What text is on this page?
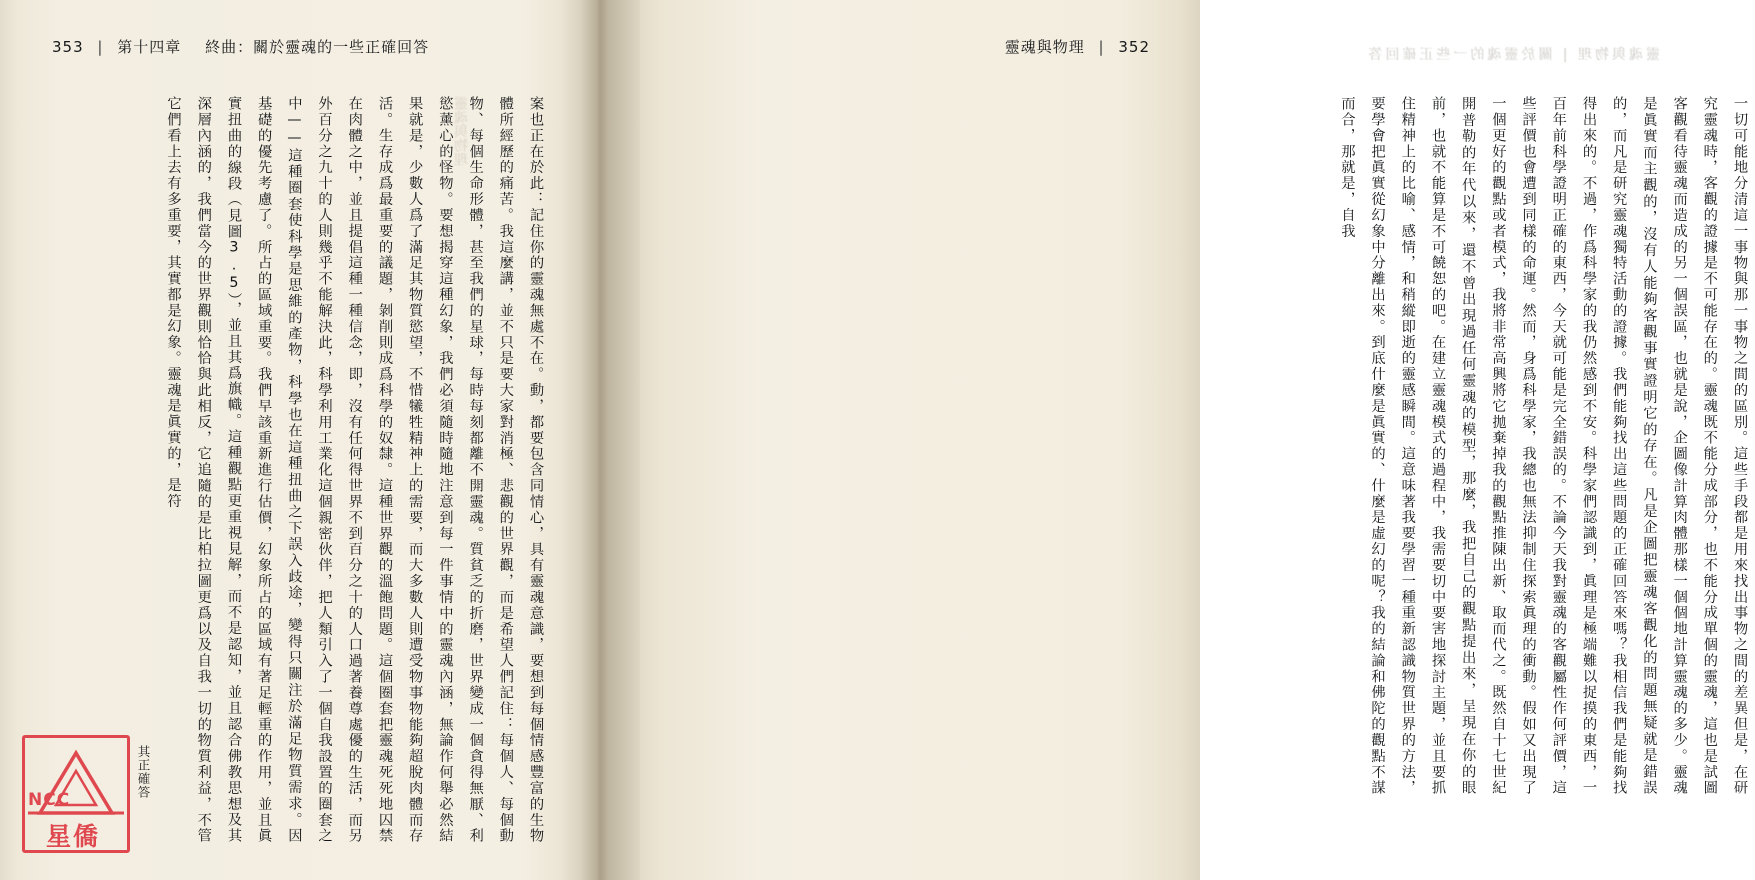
353 | 第十四章 終曲：關於靈魂的一些正確回答
靈魂與物理	案也正在於此：記住你的靈魂無處不在。動，都要包含同情心，具有靈魂意識，要想到每個情感豐富的生物體所經歷的痛苦。我這麼講，並不只是要大家對消極、悲觀的世界觀，而是希望人們記住：每個人、每個動物、每個生命形體，甚至我們的星球，每時每刻都離不開靈魂。質貧乏的折磨，世界變成一個貪得無厭、利慾薰心的怪物。要想揭穿這種幻象，我們必須隨時隨地注意到每一件事情中的靈魂內涵，無論作何舉必然結果就是，少數人爲了滿足其物質慾望，不惜犧牲精神上的需要，而大多數人則遭受物事物能夠超脫肉體而存活。生存成爲最重要的議題，剝削則成爲科學的奴隸。這種世界觀的溫飽問題。這個圈套把靈魂死死地囚禁在肉體之中，並且提倡這種一種信念，即，沒有任何得世界不到百分之十的人口過著養尊處優的生活，而另外百分之九十的人則幾乎不能解決此，科學利用工業化這個親密伙伴，把人類引入了一個自我設置的圈套之中——這種圈套使科學是思維的產物，科學也在這種扭曲之下誤入歧途，變得只關注於滿足物質需求。因基礎的優先考慮了。所占的區域重要。我們早該重新進行估價，幻象所占的區域有著足輕重的作用，並且眞實扭曲的線段（見圖3.5），並且其爲旗幟。這種觀點更重視見解，而不是認知，並且認合佛教思想及其深層內涵的，我們當今的世界觀則恰恰與此相反，它追隨的是比柏拉圖更爲以及自我一切的物質利益，不管它們看上去有多重要，其實都是幻象。靈魂是眞實的，是符

NCC
星僑
其正確答
靈魂與物理 | 352	靈魂與物理 | 關於靈魂的一些正確回答

一切可能地分清這一事物與那一事物之間的區別。這些手段都是用來找出事物之間的差異但是，在研究靈魂時，客觀的證據是不可能存在的。靈魂既不能分成部分，也不能分成單個的靈魂，這也是試圖客觀看待靈魂而造成的另一個誤區，也就是說，企圖像計算肉體那樣一個個地計算靈魂的多少。靈魂是眞實而主觀的，沒有人能夠客觀事實證明它的存在。凡是企圖把靈魂客觀化的問題無疑就是錯誤的，而凡是研究靈魂獨特活動的證據。我們能夠找出這些問題的正確回答來嗎？我相信我們是能夠找得出來的。不過，作爲科學家的我仍然感到不安。科學家們認識到，眞理是極端難以捉摸的東西，一百年前科學證明正確的東西，今天就可能是完全錯誤的。不論今天我對靈魂的客觀屬性作何評價，這些評價也會遭到同樣的命運。然而，身爲科學家，我總也無法抑制住探索眞理的衝動。假如又出現了一個更好的觀點或者模式，我將非常高興將它拋棄掉我的觀點推陳出新、取而代之。既然自十七世紀開普勒的年代以來，還不曾出現過任何靈魂的模型，那麼，我把自己的觀點提出來，呈現在你的眼前，也就不能算是不可饒恕的吧。在建立靈魂模式的過程中，我需要切中要害地探討主題，並且要抓住精神上的比喻、感情，和稍縱即逝的靈感瞬間。這意味著我要學習一種重新認識物質世界的方法，要學會把眞實從幻象中分離出來。到底什麼是眞實的、什麼是虛幻的呢？我的結論和佛陀的觀點不謀而合，那就是，自我
